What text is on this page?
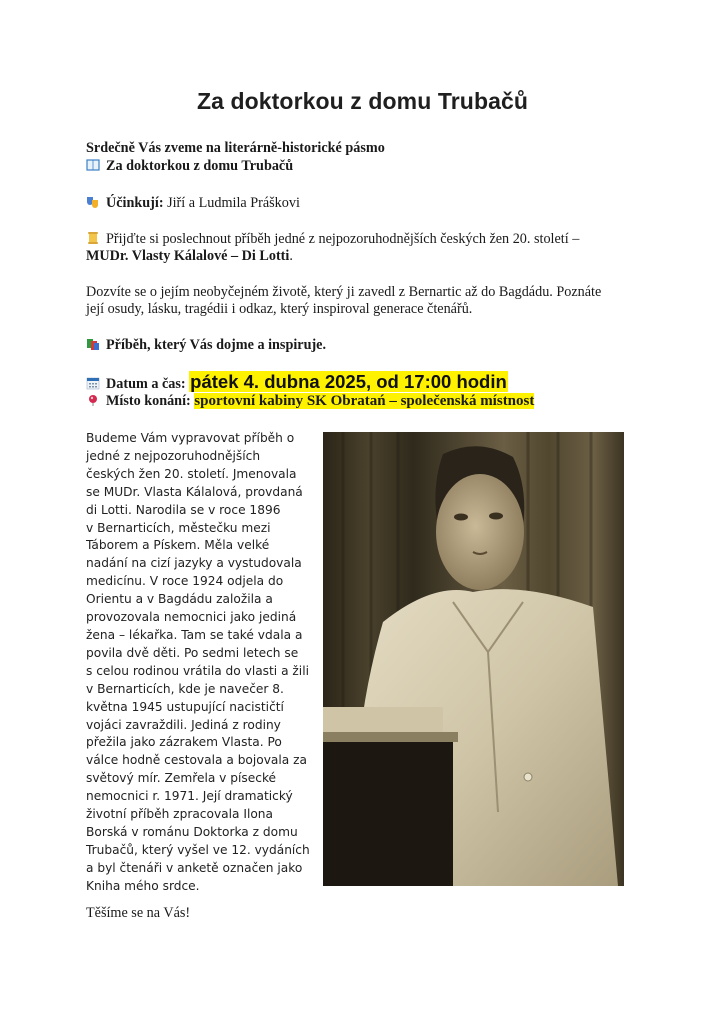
Za doktorkou z domu Trubačů
Srdečně Vás zveme na literárně-historické pásmo
Za doktorkou z domu Trubačů
Účinkují: Jiří a Ludmila Práškovi
Přijďte si poslechnout příběh jedné z nejpozoruhodnějších českých žen 20. století –
MUDr. Vlasty Kálalové – Di Lotti.
Dozvíte se o jejím neobyčejném životě, který ji zavedl z Bernartic až do Bagdádu. Poznáte
její osudy, lásku, tragédii i odkaz, který inspiroval generace čtenářů.
Příběh, který Vás dojme a inspiruje.
Datum a čas: pátek 4. dubna 2025, od 17:00 hodin
Místo konání: sportovní kabiny SK Obratań – společenská místnost
Budeme Vám vypravovat příběh o
jedné z nejpozoruhodnějších
českých žen 20. století. Jmenovala
se MUDr. Vlasta Kálalová, provdaná
di Lotti. Narodila se v roce 1896
v Bernarticích, městečku mezi
Táborem a Pískem. Měla velké
nadání na cizí jazyky a vystudovala
medicínu. V roce 1924 odjela do
Orientu a v Bagdádu založila a
provozovala nemocnici jako jediná
žena – lékařka. Tam se také vdala a
povila dvě děti. Po sedmi letech se
s celou rodinou vrátila do vlasti a žili
v Bernarticích, kde je navečer 8.
května 1945 ustupující nacističtí
vojáci zavraždili. Jediná z rodiny
přežila jako zázrakem Vlasta. Po
válce hodně cestovala a bojovala za
světový mír. Zemřela v písecké
nemocnici r. 1971. Její dramatický
životní příběh zpracovala Ilona
Borská v románu Doktorka z domu
Trubačů, který vyšel ve 12. vydáních
a byl čtenáři v anketě označen jako
Kniha mého srdce.
Těšíme se na Vás!
